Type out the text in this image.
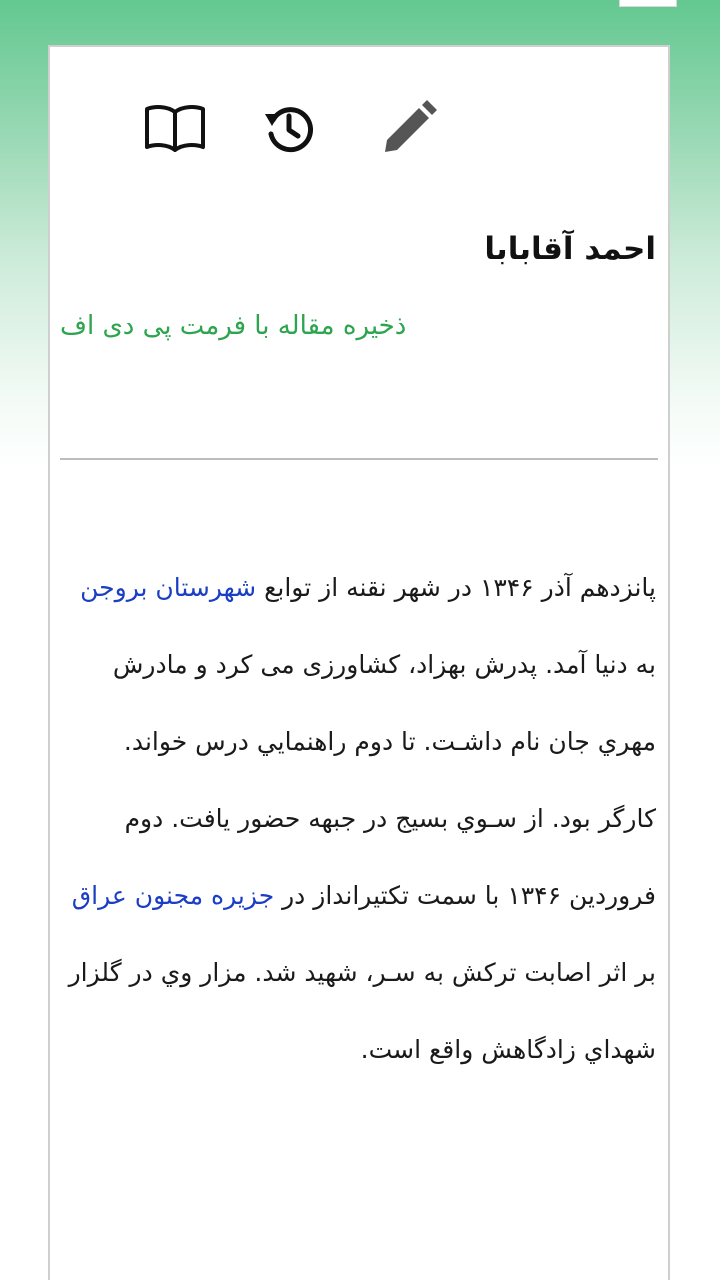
احمد آقابابا
ذخیره مقاله با فرمت پی دی اف

پانزدهم آذر ۱۳۴۶ در شهر نقنه از توابع شهرستان بروجن به دنيا آمد. پدرش بهزاد، کشاورزی می كرد و مادرش مهري جان نام داشـت. تا دوم راهنمايي درس خواند. كارگر بود. از سـوي بسيج در جبهه حضور يافت. دوم فروردين ۱۳۴۶ با سمت تکتیرانداز در جزیره مجنون عراق بر اثر اصابت تركش به سـر، شهيد شد. مزار وي در گلزار شهداي زادگاهش واقع است.
